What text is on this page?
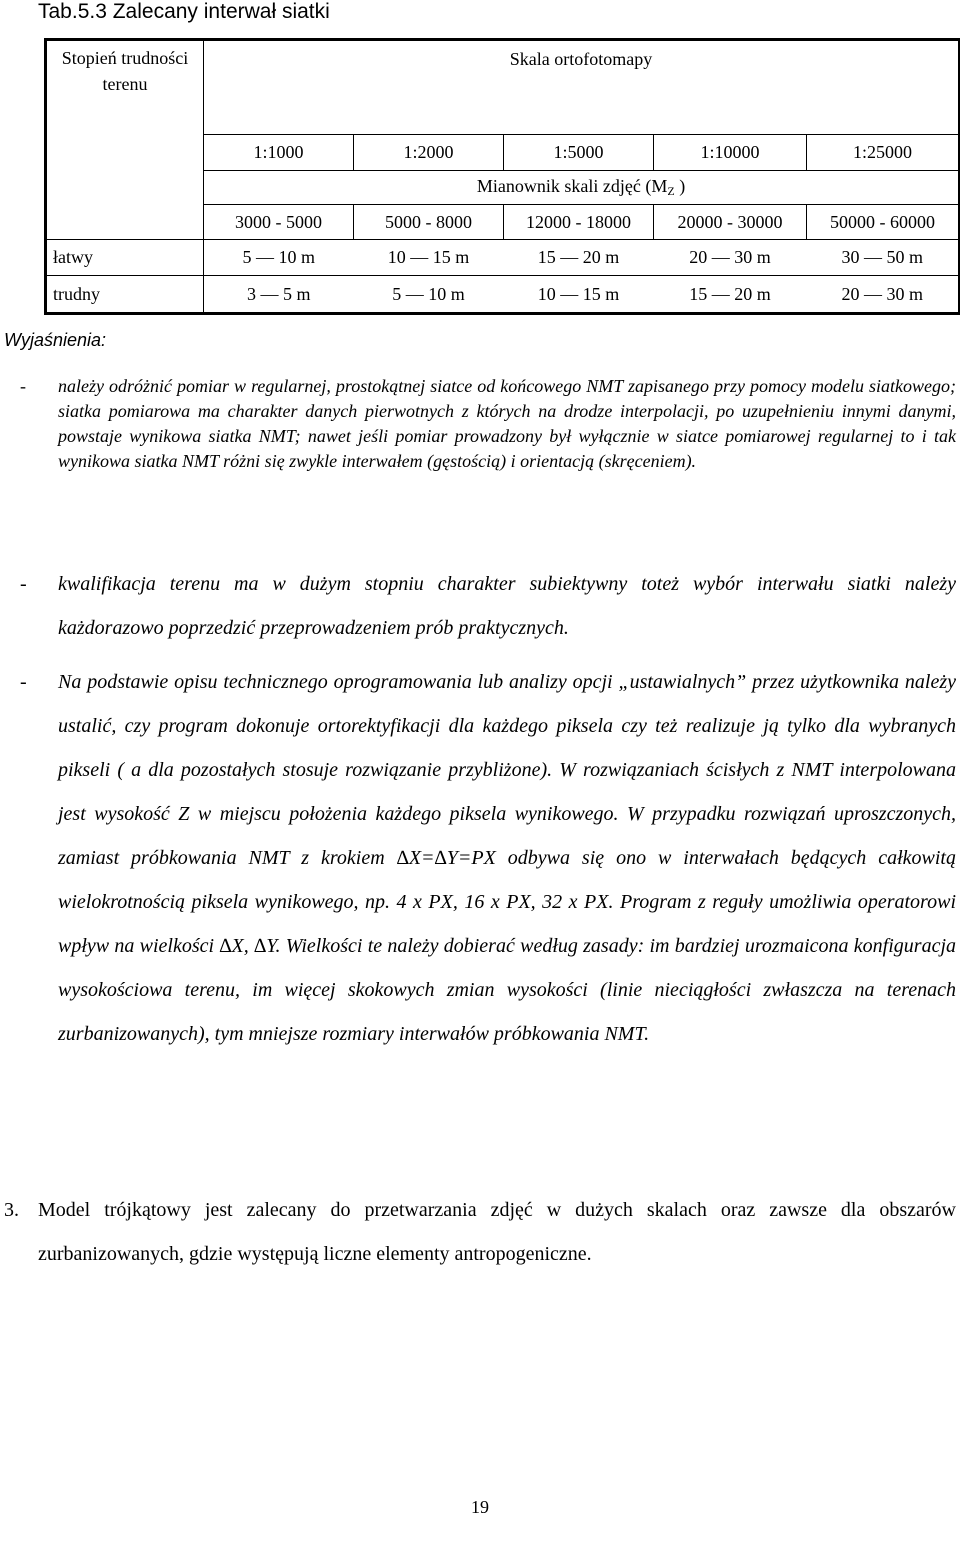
Tab.5.3 Zalecany interwał siatki
Stopień trudności terenu	Skala ortofotomapy				
	1:1000	1:2000	1:5000	1:10000	1:25000
	Mianownik skali zdjęć ($M_Z$ )				
	3000 - 5000	5000 - 8000	12000 - 18000	20000 - 30000	50000 - 60000
łatwy	5 — 10 m	10 — 15 m	15 — 20 m	20 — 30 m	30 — 50 m
trudny	3 — 5 m	5 — 10 m	10 — 15 m	15 — 20 m	20 — 30 m
Wyjaśnienia:
- należy odróżnić pomiar w regularnej, prostokątnej siatce od końcowego NMT zapisanego przy pomocy modelu siatkowego; siatka pomiarowa ma charakter danych pierwotnych z których na drodze interpolacji, po uzupełnieniu innymi danymi, powstaje wynikowa siatka NMT; nawet jeśli pomiar prowadzony był wyłącznie w siatce pomiarowej regularnej to i tak wynikowa siatka NMT różni się zwykle interwałem (gęstością) i orientacją (skręceniem).
- kwalifikacja terenu ma w dużym stopniu charakter subiektywny toteż wybór interwału siatki należy każdorazowo poprzedzić przeprowadzeniem prób praktycznych.
- Na podstawie opisu technicznego oprogramowania lub analizy opcji „ustawialnych” przez użytkownika należy ustalić, czy program dokonuje ortorektyfikacji dla każdego piksela czy też realizuje ją tylko dla wybranych pikseli ( a dla pozostałych stosuje rozwiązanie przybliżone). W rozwiązaniach ścisłych z NMT interpolowana jest wysokość Z w miejscu położenia każdego piksela wynikowego. W przypadku rozwiązań uproszczonych, zamiast próbkowania NMT z krokiem ∆X=∆Y=PX odbywa się ono w interwałach będących całkowitą wielokrotnością piksela wynikowego, np. 4 x PX, 16 x PX, 32 x PX. Program z reguły umożliwia operatorowi wpływ na wielkości ∆X, ∆Y. Wielkości te należy dobierać według zasady: im bardziej urozmaicona konfiguracja wysokościowa terenu, im więcej skokowych zmian wysokości (linie nieciągłości zwłaszcza na terenach zurbanizowanych), tym mniejsze rozmiary interwałów próbkowania NMT.
3. Model trójkątowy jest zalecany do przetwarzania zdjęć w dużych skalach oraz zawsze dla obszarów zurbanizowanych, gdzie występują liczne elementy antropogeniczne.
19
